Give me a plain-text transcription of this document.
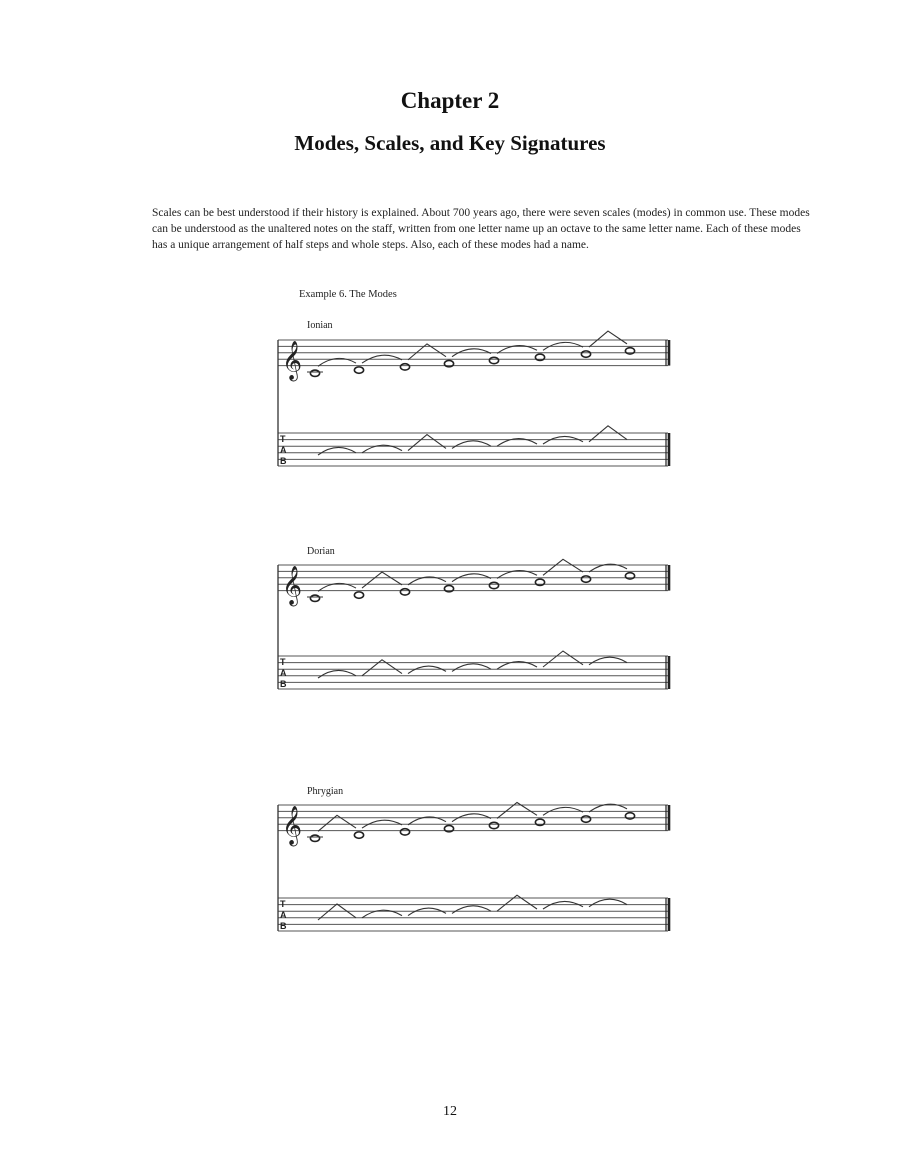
Chapter 2
Modes, Scales, and Key Signatures

Scales can be best understood if their history is explained. About 700 years ago, there were seven scales (modes) in common use. These modes can be understood as the unaltered notes on the staff, written from one letter name up an octave to the same letter name. Each of these modes has a unique arrangement of half steps and whole steps. Also, each of these modes had a name.

Example 6. The Modes

Ionian
Dorian
Phrygian
𝄞
T
A
B
𝄞
T
A
B
𝄞
T
A
B

12
